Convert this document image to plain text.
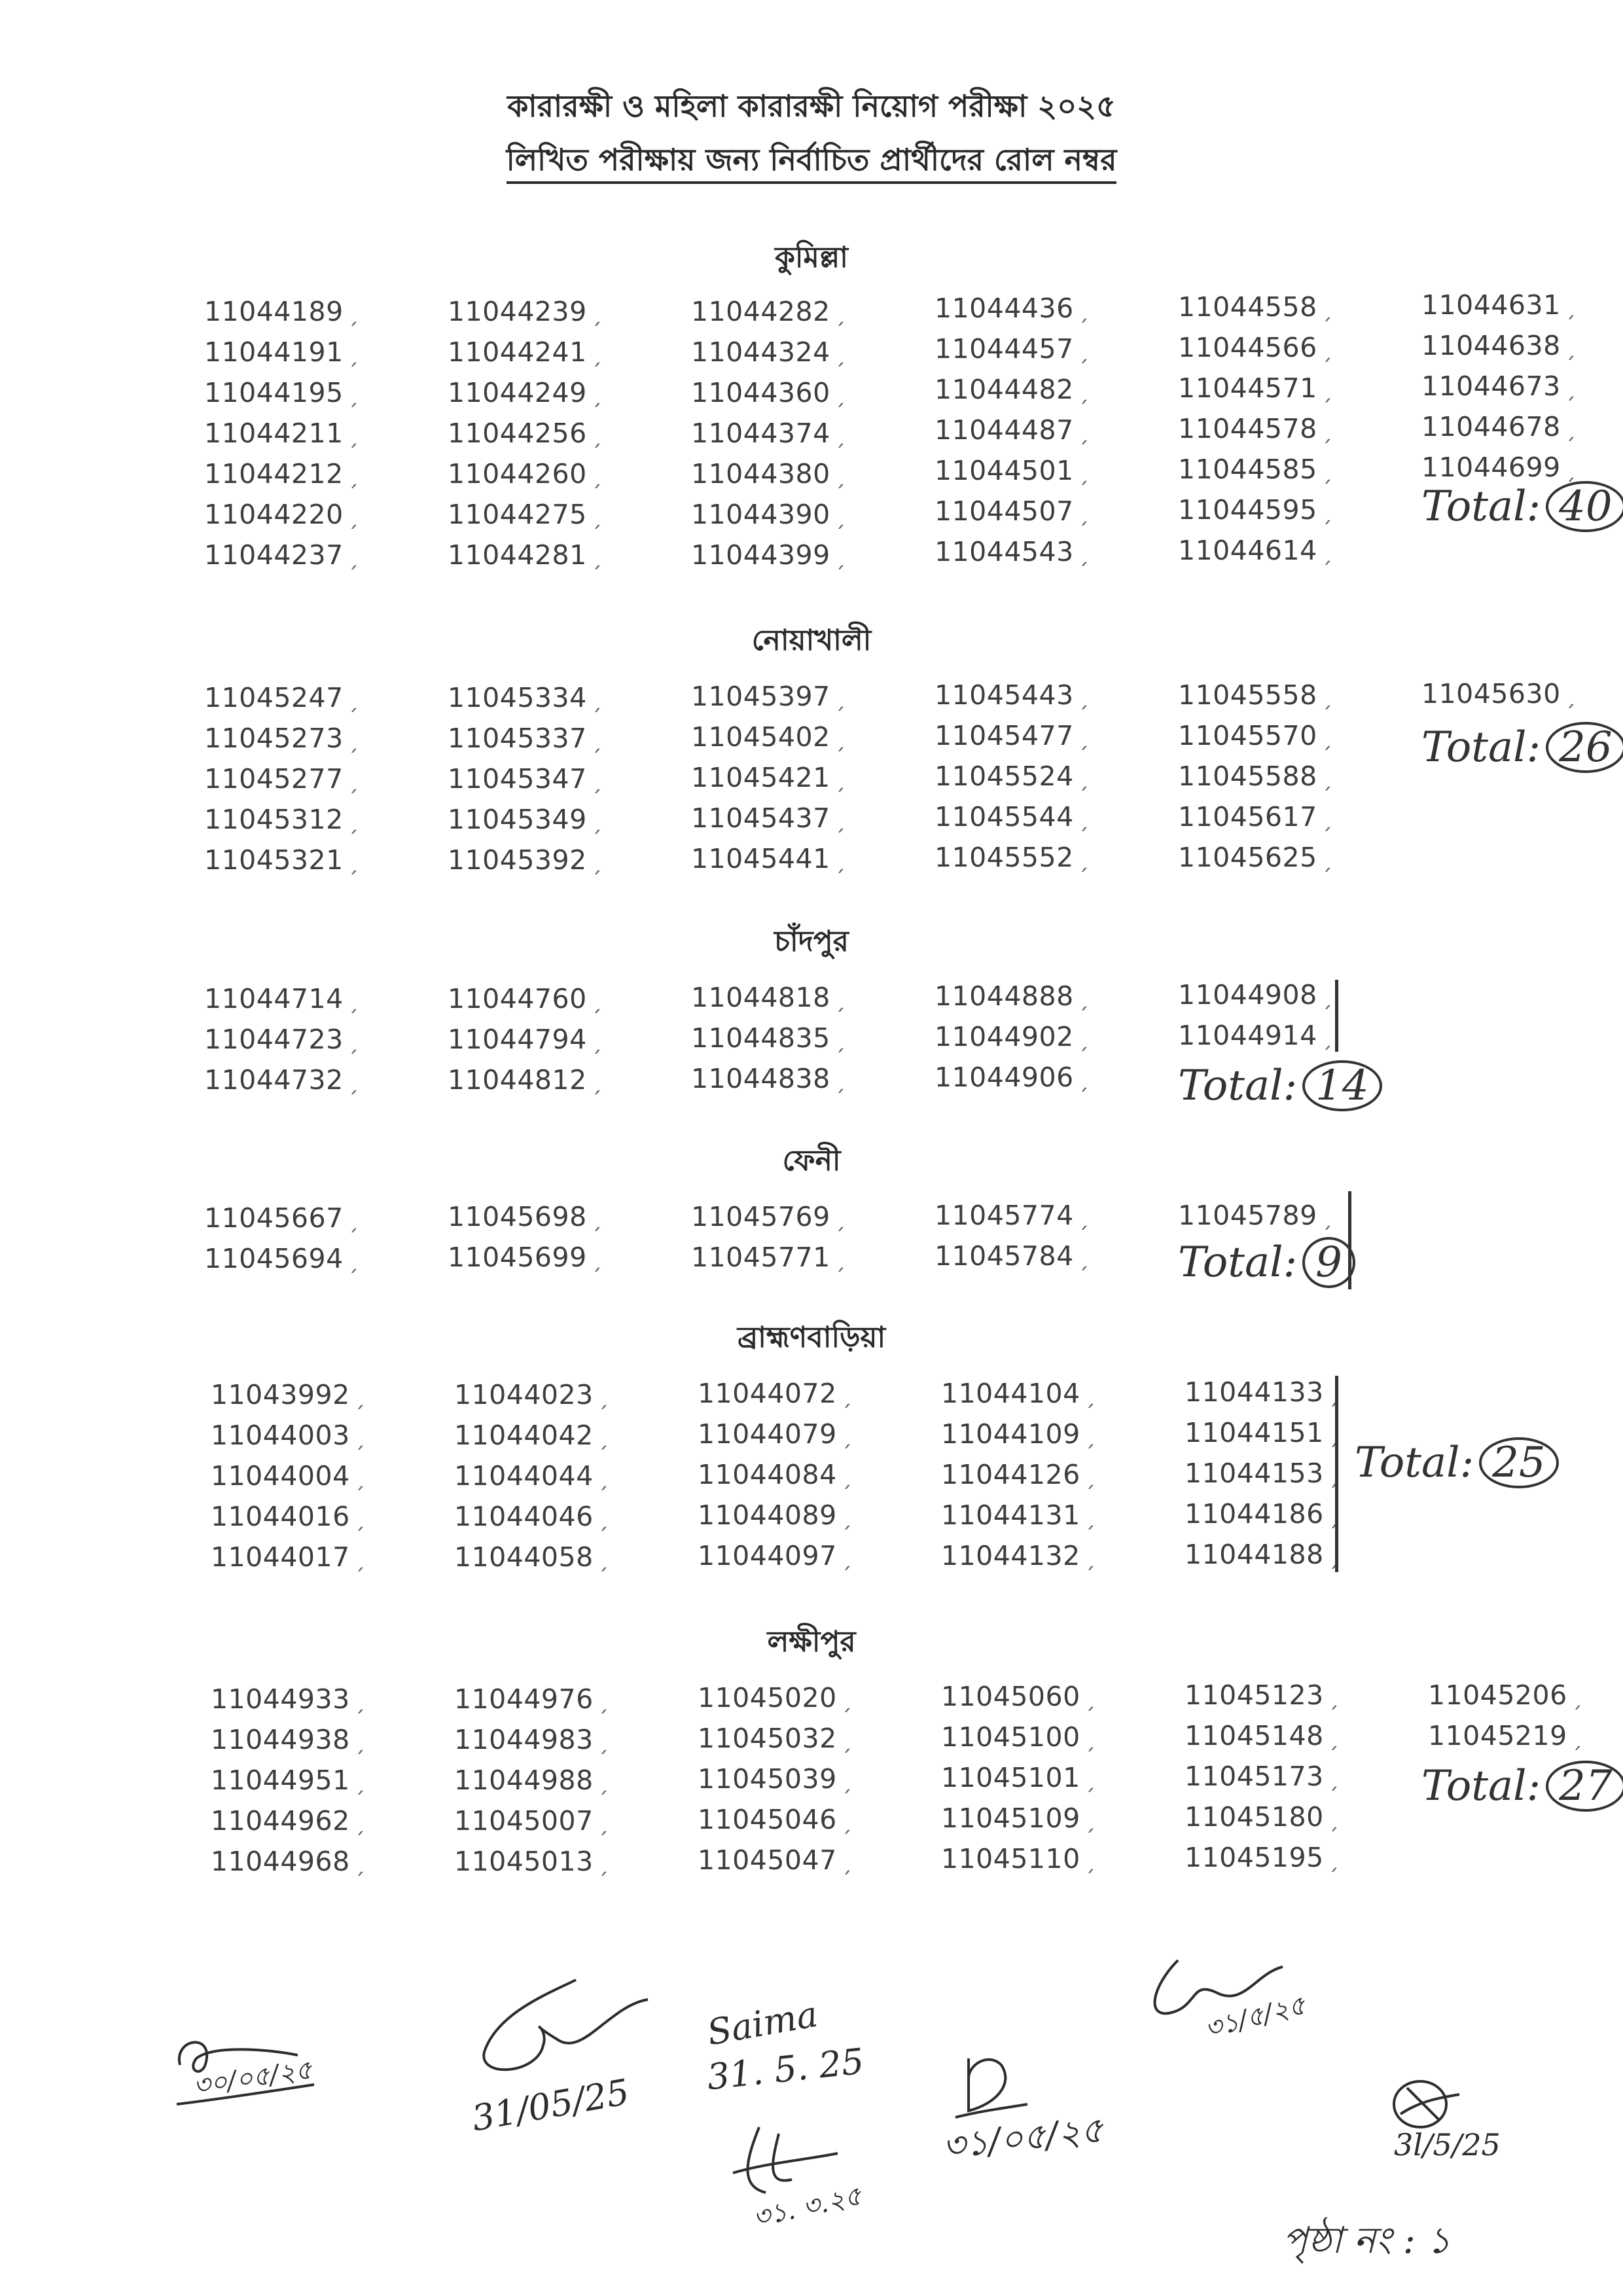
কারারক্ষী ও মহিলা কারারক্ষী নিয়োগ পরীক্ষা ২০২৫
লিখিত পরীক্ষায় জন্য নির্বাচিত প্রার্থীদের রোল নম্বর
কুমিল্লা
11044189 ˏ
11044191 ˏ
11044195 ˏ
11044211 ˏ
11044212 ˏ
11044220 ˏ
11044237 ˏ
11044239 ˏ
11044241 ˏ
11044249 ˏ
11044256 ˏ
11044260 ˏ
11044275 ˏ
11044281 ˏ
11044282 ˏ
11044324 ˏ
11044360 ˏ
11044374 ˏ
11044380 ˏ
11044390 ˏ
11044399 ˏ
11044436 ˏ
11044457 ˏ
11044482 ˏ
11044487 ˏ
11044501 ˏ
11044507 ˏ
11044543 ˏ
11044558 ˏ
11044566 ˏ
11044571 ˏ
11044578 ˏ
11044585 ˏ
11044595 ˏ
11044614 ˏ
11044631 ˏ
11044638 ˏ
11044673 ˏ
11044678 ˏ
11044699 ˏ
Total: 40
নোয়াখালী
11045247 ˏ
11045273 ˏ
11045277 ˏ
11045312 ˏ
11045321 ˏ
11045334 ˏ
11045337 ˏ
11045347 ˏ
11045349 ˏ
11045392 ˏ
11045397 ˏ
11045402 ˏ
11045421 ˏ
11045437 ˏ
11045441 ˏ
11045443 ˏ
11045477 ˏ
11045524 ˏ
11045544 ˏ
11045552 ˏ
11045558 ˏ
11045570 ˏ
11045588 ˏ
11045617 ˏ
11045625 ˏ
11045630 ˏ
Total: 26
চাঁদপুর
11044714 ˏ
11044723 ˏ
11044732 ˏ
11044760 ˏ
11044794 ˏ
11044812 ˏ
11044818 ˏ
11044835 ˏ
11044838 ˏ
11044888 ˏ
11044902 ˏ
11044906 ˏ
11044908 ˏ
11044914 ˏ
Total: 14
ফেনী
11045667 ˏ
11045694 ˏ
11045698 ˏ
11045699 ˏ
11045769 ˏ
11045771 ˏ
11045774 ˏ
11045784 ˏ
11045789 ˏ
Total: 9
ব্রাহ্মণবাড়িয়া
11043992 ˏ
11044003 ˏ
11044004 ˏ
11044016 ˏ
11044017 ˏ
11044023 ˏ
11044042 ˏ
11044044 ˏ
11044046 ˏ
11044058 ˏ
11044072 ˏ
11044079 ˏ
11044084 ˏ
11044089 ˏ
11044097 ˏ
11044104 ˏ
11044109 ˏ
11044126 ˏ
11044131 ˏ
11044132 ˏ
11044133 ˏ
11044151 ˏ
11044153 ˏ
11044186 ˏ
11044188 ˏ
Total: 25
লক্ষীপুর
11044933 ˏ
11044938 ˏ
11044951 ˏ
11044962 ˏ
11044968 ˏ
11044976 ˏ
11044983 ˏ
11044988 ˏ
11045007 ˏ
11045013 ˏ
11045020 ˏ
11045032 ˏ
11045039 ˏ
11045046 ˏ
11045047 ˏ
11045060 ˏ
11045100 ˏ
11045101 ˏ
11045109 ˏ
11045110 ˏ
11045123 ˏ
11045148 ˏ
11045173 ˏ
11045180 ˏ
11045195 ˏ
11045206 ˏ
11045219 ˏ
Total: 27
৩০/০৫/২৫	31/05/25
Saima
31. 5. 25
৩১. ৩.২৫
৩১/০৫/২৫
৩১/৫/২৫
3l/5/25
পৃষ্ঠা নং : ১
